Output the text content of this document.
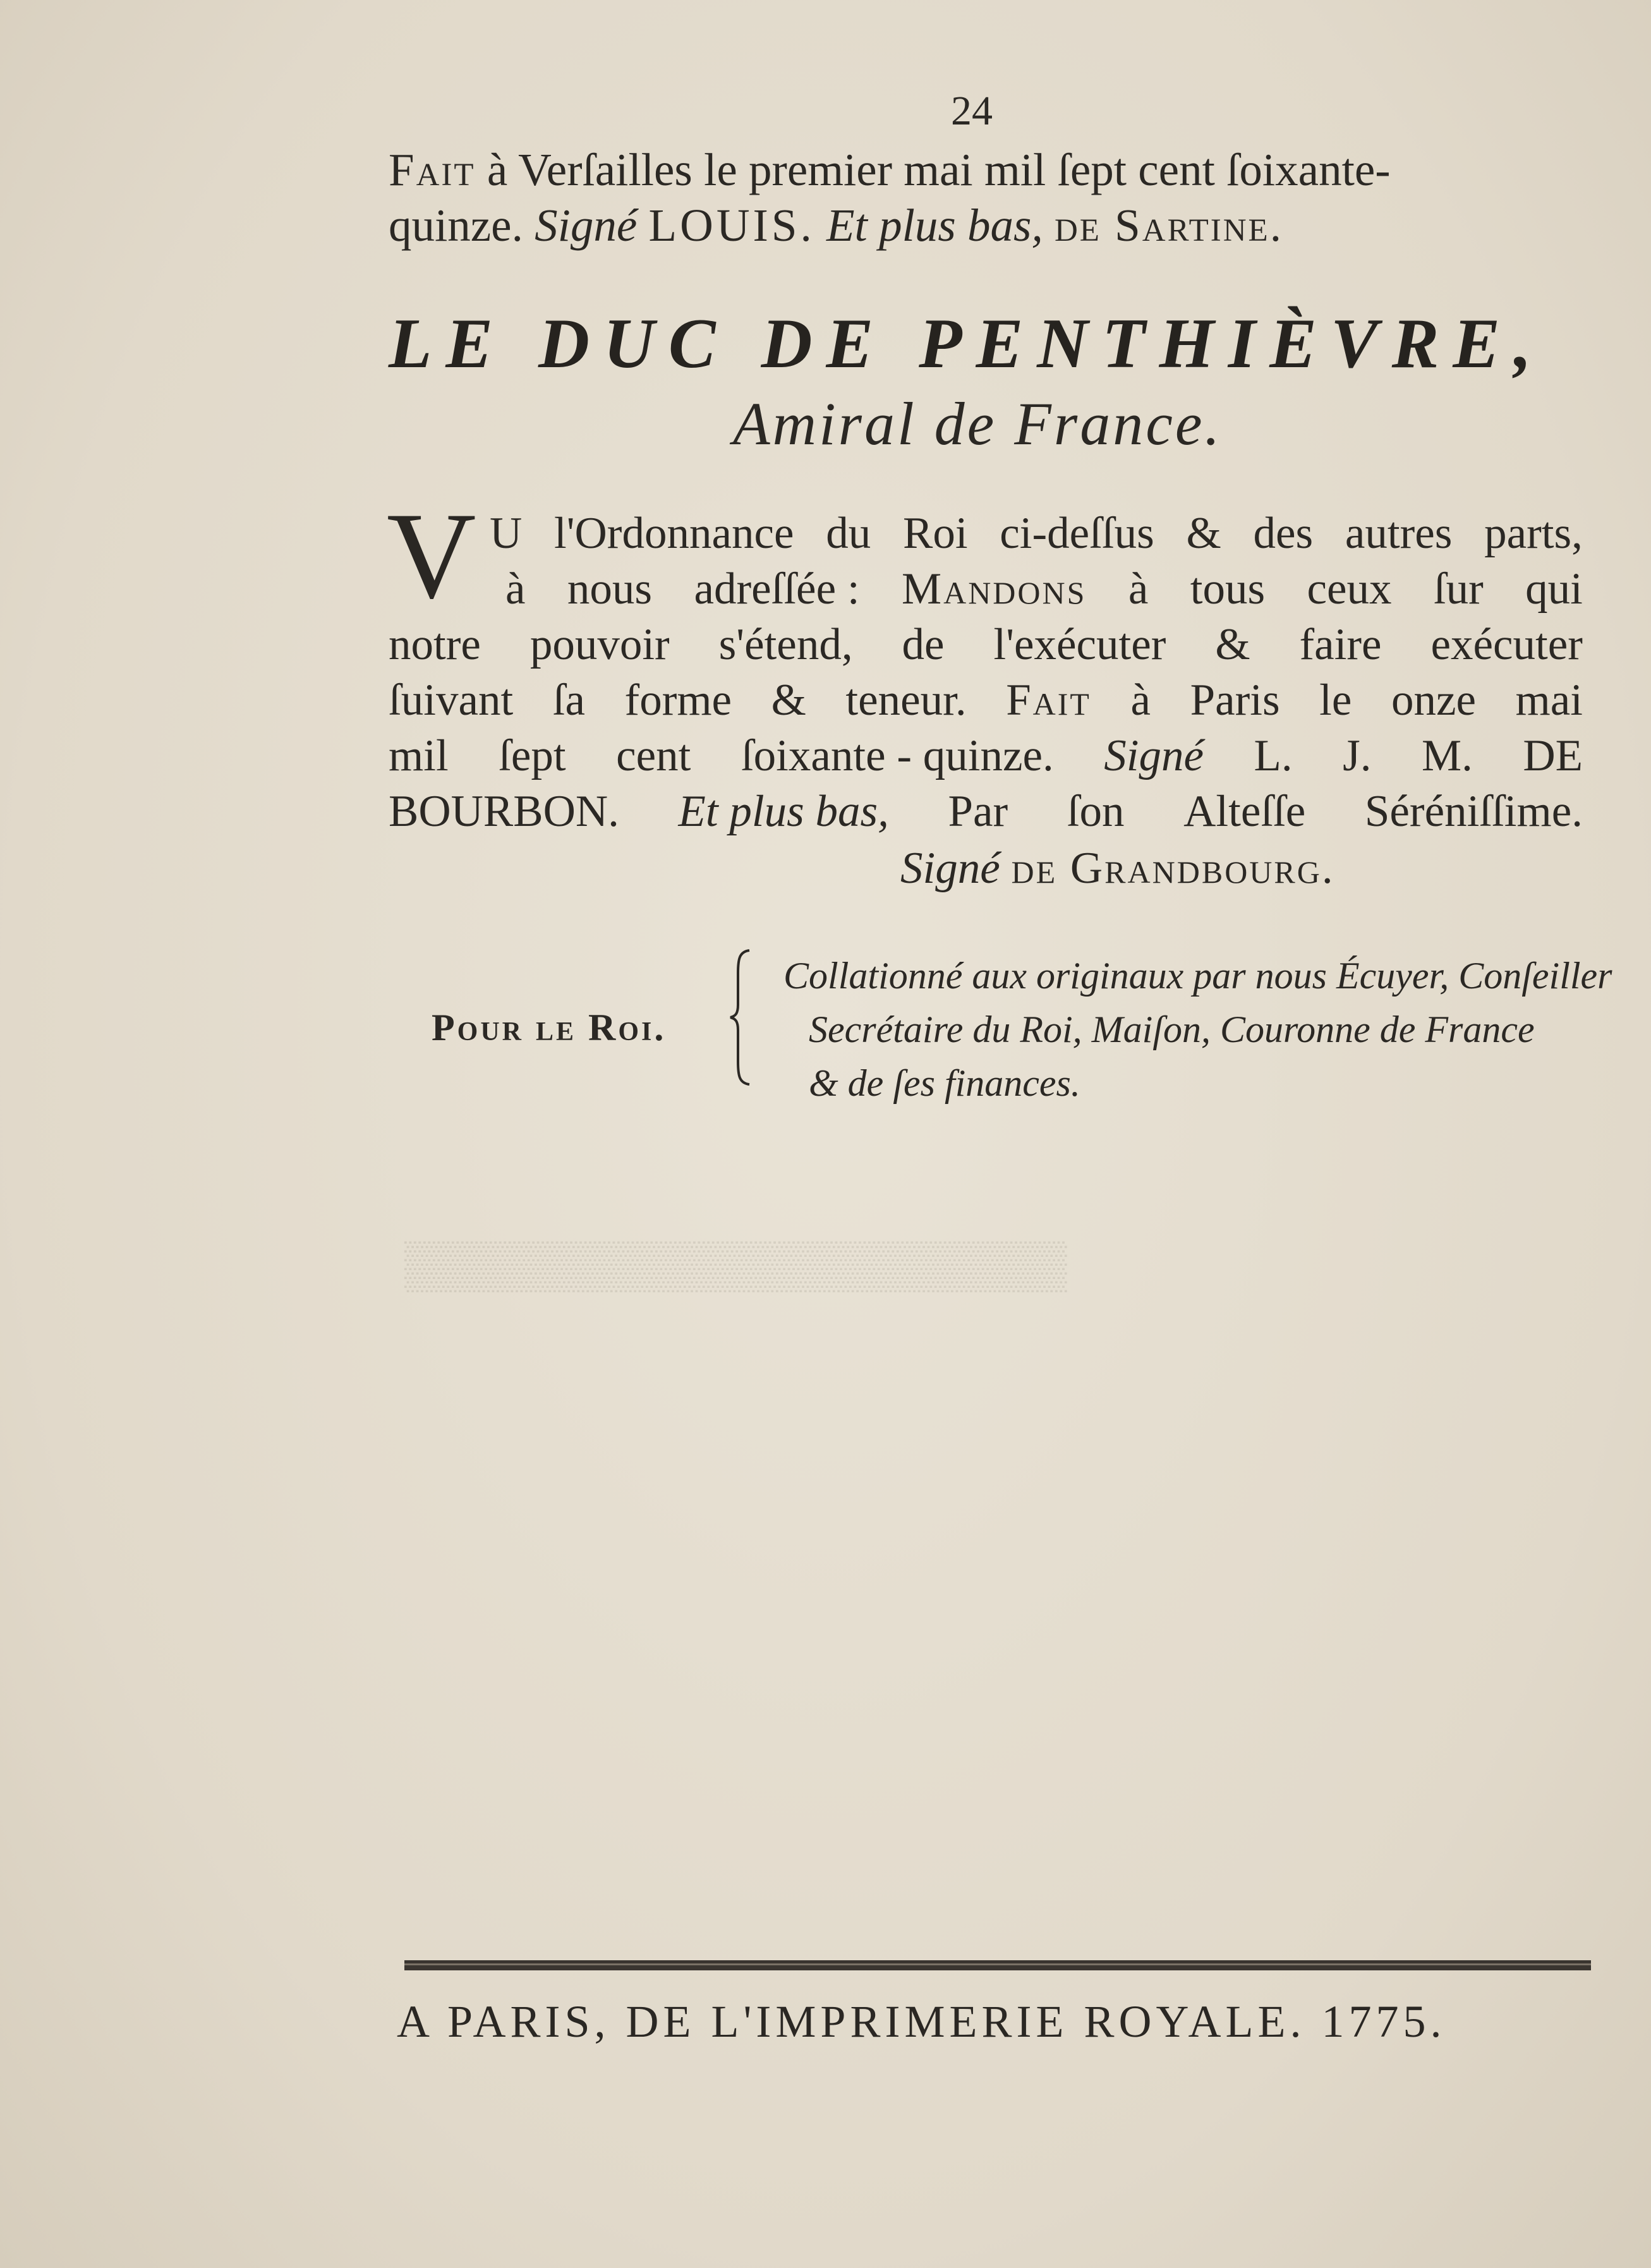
24
Fait à Verſailles le premier mai mil ſept cent ſoixante-
quinze. Signé LOUIS. Et plus bas, de Sartine.
LE DUC DE PENTHIÈVRE,
Amiral de France.
V U l'Ordonnance du Roi ci-deſſus & des autres parts,
à nous adreſſée : Mandons à tous ceux ſur qui
notre pouvoir s'étend, de l'exécuter & faire exécuter
ſuivant ſa forme & teneur. Fait à Paris le onze mai
mil ſept cent ſoixante - quinze. Signé L. J. M. DE
BOURBON. Et plus bas, Par ſon Alteſſe Séréniſſime.
Signé de Grandbourg.
Pour le Roi.
Collationné aux originaux par nous Écuyer, Conſeiller
Secrétaire du Roi, Maiſon, Couronne de France
& de ſes finances.
▒▒▒▒▒▒▒▒▒▒▒▒▒▒▒▒▒▒▒▒
A PARIS, DE L'IMPRIMERIE ROYALE. 1775.
